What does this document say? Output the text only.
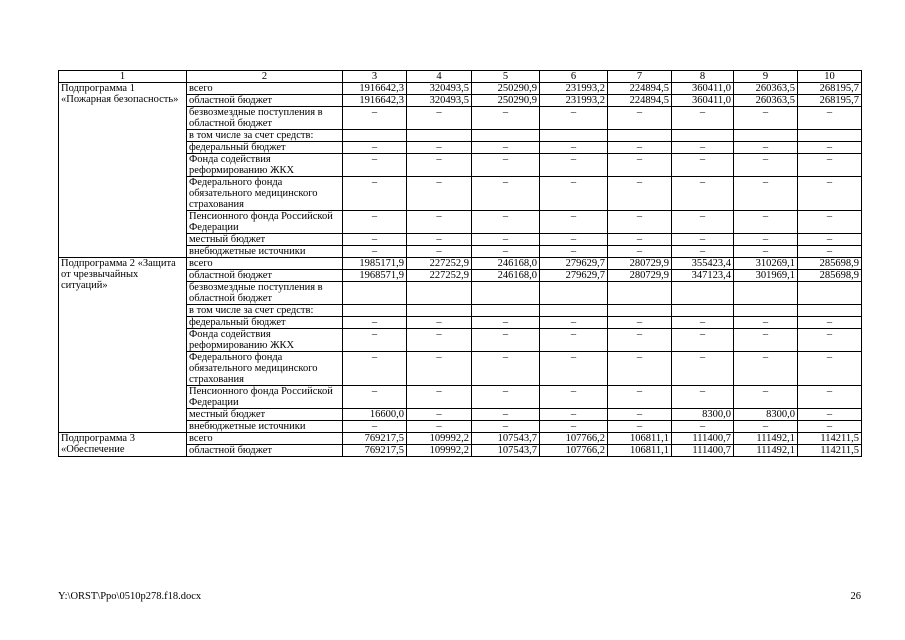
1	2	3	4	5	6	7	8	9	10
Подпрограмма 1 «Пожарная безопасность»	всего	1916642,3	320493,5	250290,9	231993,2	224894,5	360411,0	260363,5	268195,7
	областной бюджет	1916642,3	320493,5	250290,9	231993,2	224894,5	360411,0	260363,5	268195,7
	безвозмездные поступления в областной бюджет	–	–	–	–	–	–	–	–
	в том числе за счет средств:								
	федеральный бюджет	–	–	–	–	–	–	–	–
	Фонда содействия реформированию ЖКХ	–	–	–	–	–	–	–	–
	Федерального фонда обязательного медицинского страхования	–	–	–	–	–	–	–	–
	Пенсионного фонда Российской Федерации	–	–	–	–	–	–	–	–
	местный бюджет	–	–	–	–	–	–	–	–
	внебюджетные источники	–	–	–	–	–	–	–	–
Подпрограмма 2 «Защита от чрезвычайных ситуаций»	всего	1985171,9	227252,9	246168,0	279629,7	280729,9	355423,4	310269,1	285698,9
	областной бюджет	1968571,9	227252,9	246168,0	279629,7	280729,9	347123,4	301969,1	285698,9
	безвозмездные поступления в областной бюджет								
	в том числе за счет средств:								
	федеральный бюджет	–	–	–	–	–	–	–	–
	Фонда содействия реформированию ЖКХ	–	–	–	–	–	–	–	–
	Федерального фонда обязательного медицинского страхования	–	–	–	–	–	–	–	–
	Пенсионного фонда Российской Федерации	–	–	–	–	–	–	–	–
	местный бюджет	16600,0	–	–	–	–	8300,0	8300,0	–
	внебюджетные источники	–	–	–	–	–	–	–	–
Подпрограмма 3 «Обеспечение	всего	769217,5	109992,2	107543,7	107766,2	106811,1	111400,7	111492,1	114211,5
	областной бюджет	769217,5	109992,2	107543,7	107766,2	106811,1	111400,7	111492,1	114211,5
Y:\ORST\Ppo\0510p278.f18.docx	26
